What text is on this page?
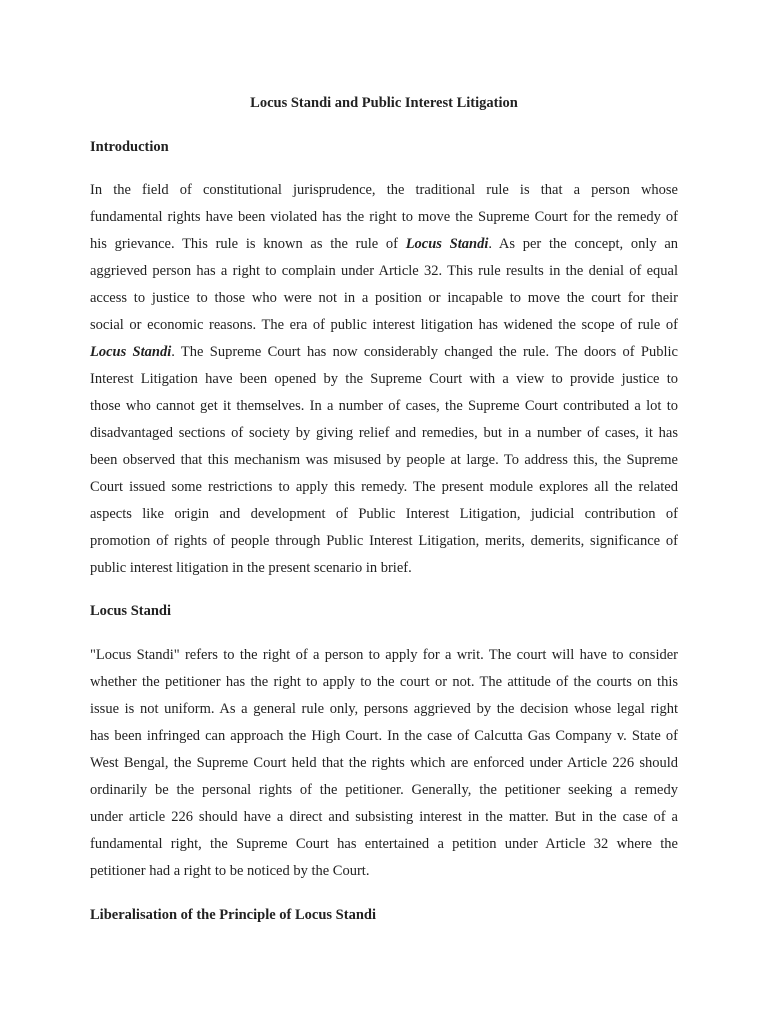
Locus Standi and Public Interest Litigation
Introduction
In the field of constitutional jurisprudence, the traditional rule is that a person whose
fundamental rights have been violated has the right to move the Supreme Court for the remedy of
his grievance. This rule is known as the rule of Locus Standi. As per the concept, only an
aggrieved person has a right to complain under Article 32. This rule results in the denial of equal
access to justice to those who were not in a position or incapable to move the court for their
social or economic reasons. The era of public interest litigation has widened the scope of rule of
Locus Standi. The Supreme Court has now considerably changed the rule. The doors of Public
Interest Litigation have been opened by the Supreme Court with a view to provide justice to
those who cannot get it themselves. In a number of cases, the Supreme Court contributed a lot to
disadvantaged sections of society by giving relief and remedies, but in a number of cases, it has
been observed that this mechanism was misused by people at large. To address this, the Supreme
Court issued some restrictions to apply this remedy. The present module explores all the related
aspects like origin and development of Public Interest Litigation, judicial contribution of
promotion of rights of people through Public Interest Litigation, merits, demerits, significance of
public interest litigation in the present scenario in brief.
Locus Standi
"Locus Standi" refers to the right of a person to apply for a writ. The court will have to consider
whether the petitioner has the right to apply to the court or not. The attitude of the courts on this
issue is not uniform. As a general rule only, persons aggrieved by the decision whose legal right
has been infringed can approach the High Court. In the case of Calcutta Gas Company v. State of
West Bengal, the Supreme Court held that the rights which are enforced under Article 226 should
ordinarily be the personal rights of the petitioner. Generally, the petitioner seeking a remedy
under article 226 should have a direct and subsisting interest in the matter. But in the case of a
fundamental right, the Supreme Court has entertained a petition under Article 32 where the
petitioner had a right to be noticed by the Court.
Liberalisation of the Principle of Locus Standi
